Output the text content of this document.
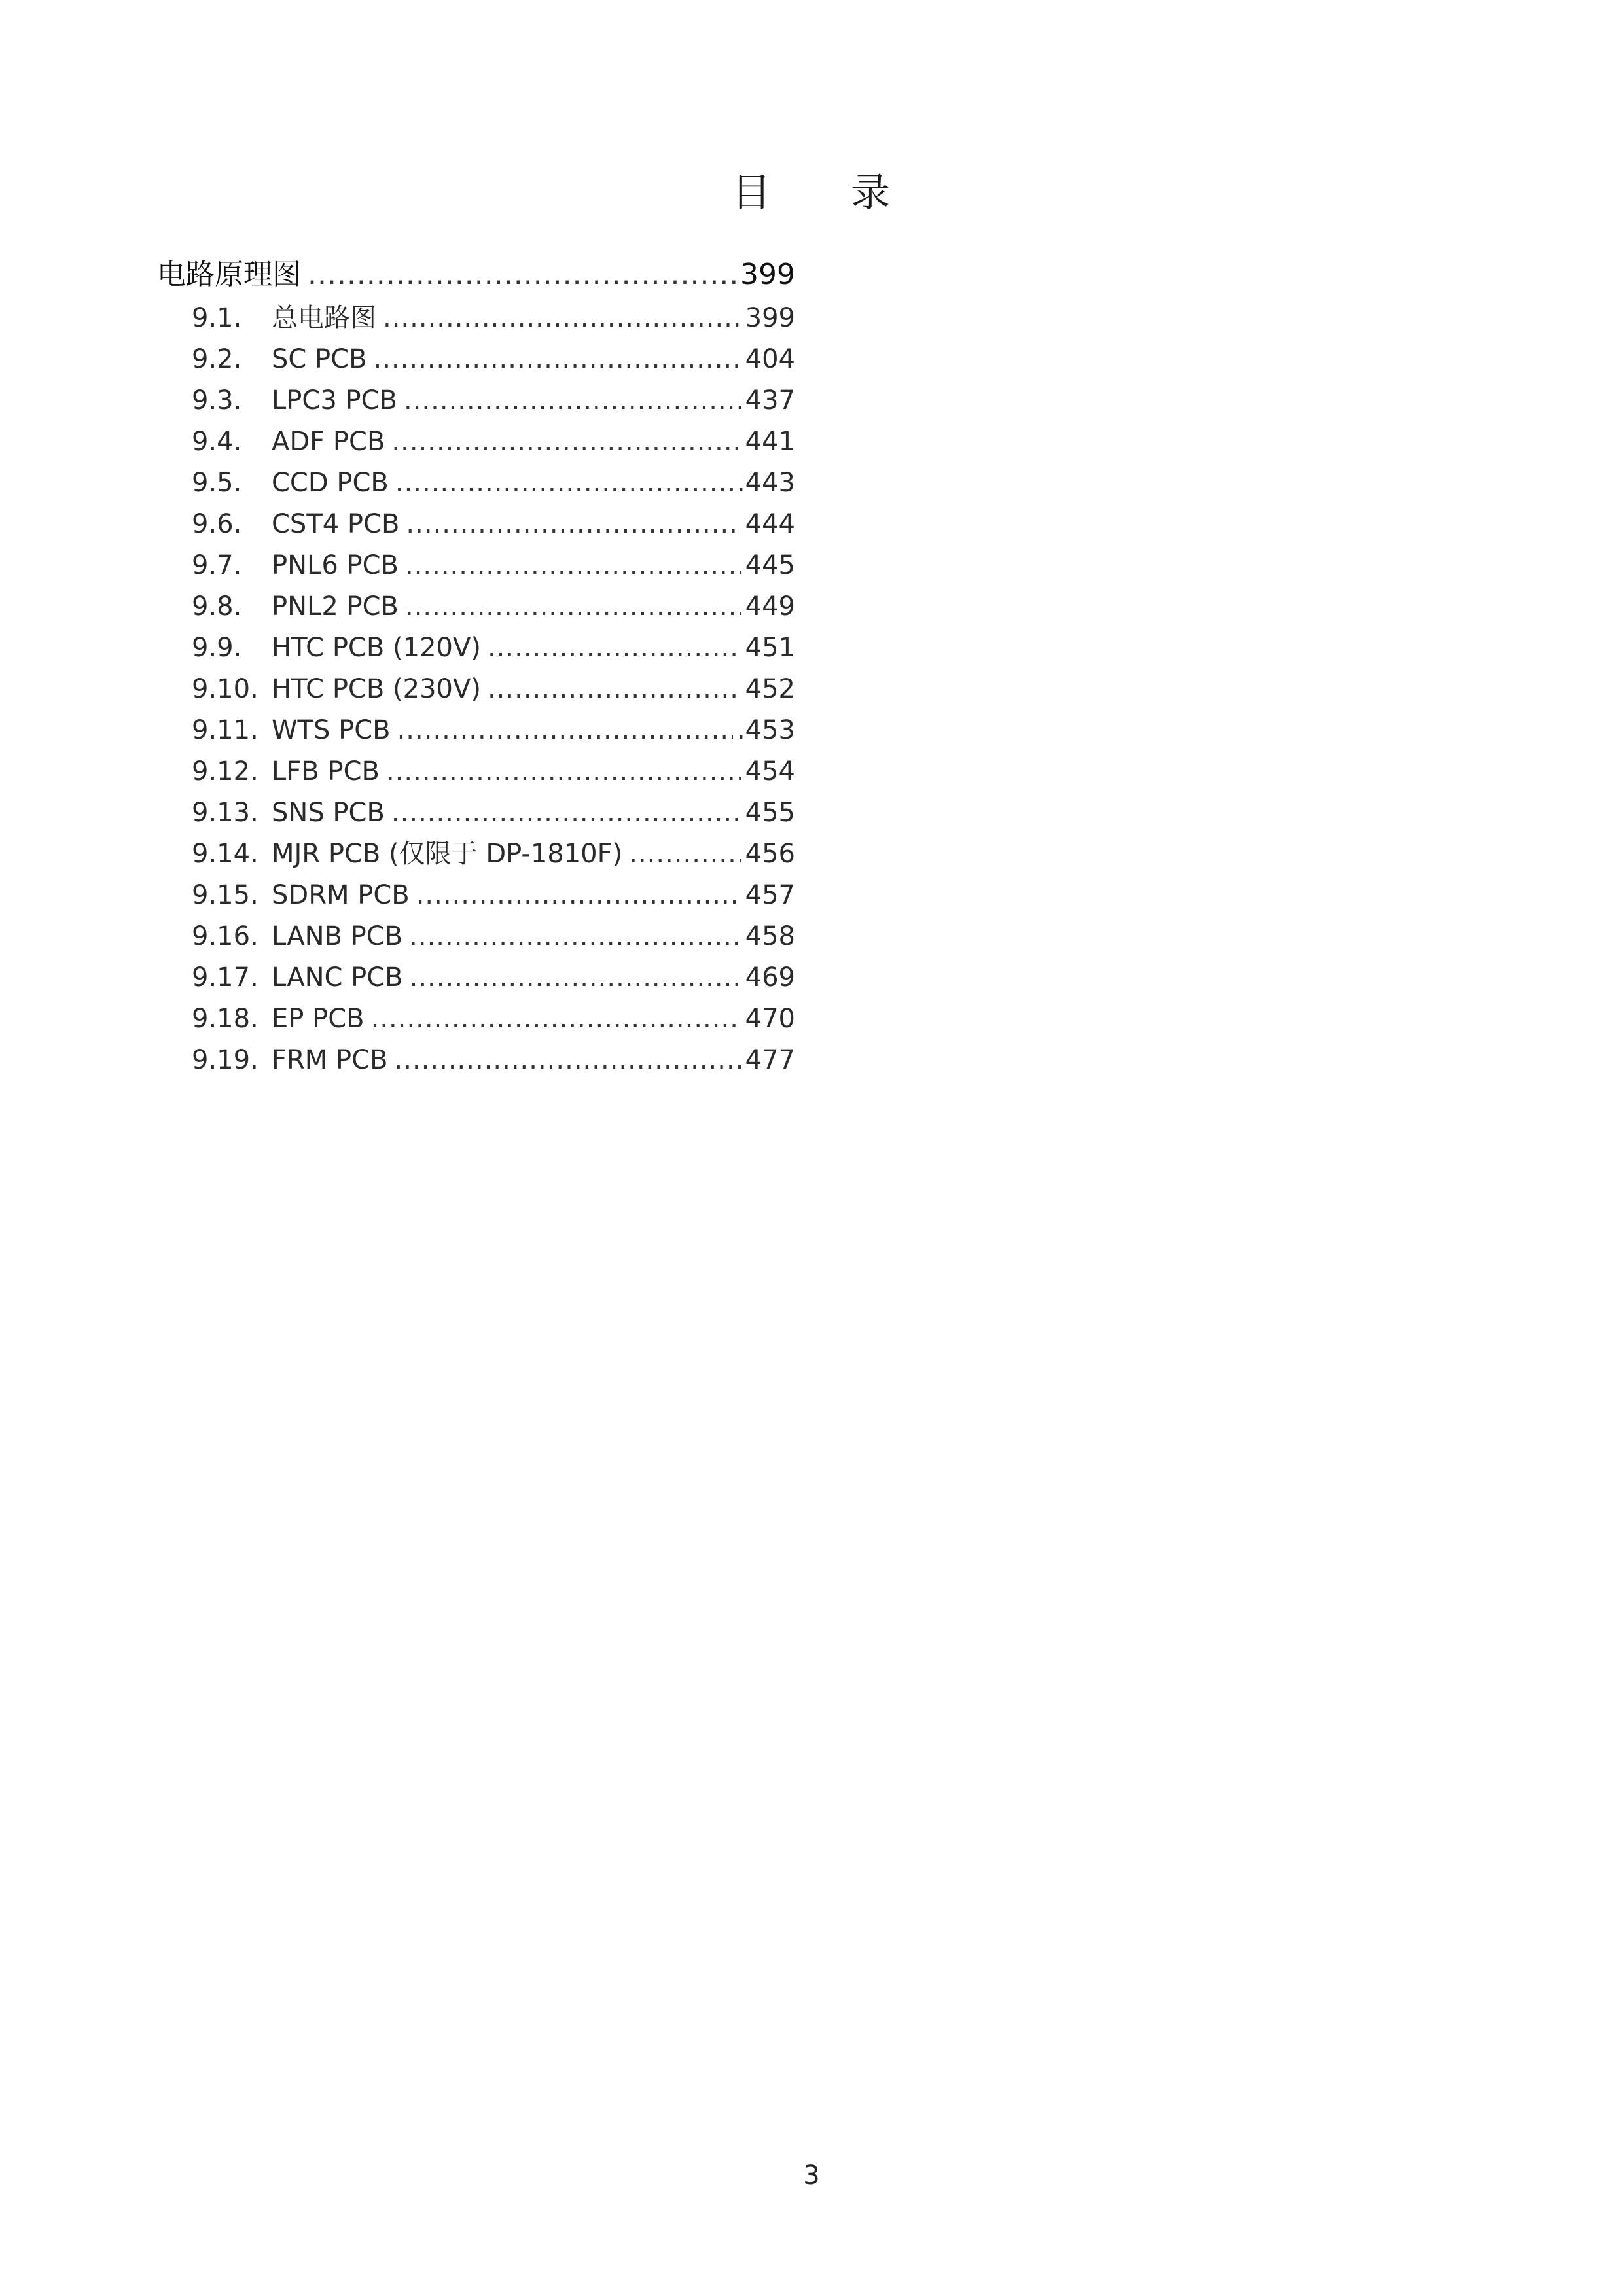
目 录
电路原理图 .....	399
9.1.	总电路图 .....	399
9.2.	SC PCB .....	404
9.3.	LPC3 PCB .....	437
9.4.	ADF PCB .....	441
9.5.	CCD PCB .....	.443
9.6.	CST4 PCB .....	444
9.7.	PNL6 PCB .....	445
9.8.	PNL2 PCB .....	449
9.9.	HTC PCB (120V) .....	451
9.10. HTC PCB (230V) .....	452
9.11. WTS PCB .....	.453
9.12. LFB PCB .....	454
9.13. SNS PCB .....	455
9.14. MJR PCB (仅限于 DP-1810F) .....	456
9.15. SDRM PCB .....	457
9.16. LANB PCB .....	458
9.17. LANC PCB .....	469
9.18. EP PCB .....	470
9.19. FRM PCB .....	477
3
